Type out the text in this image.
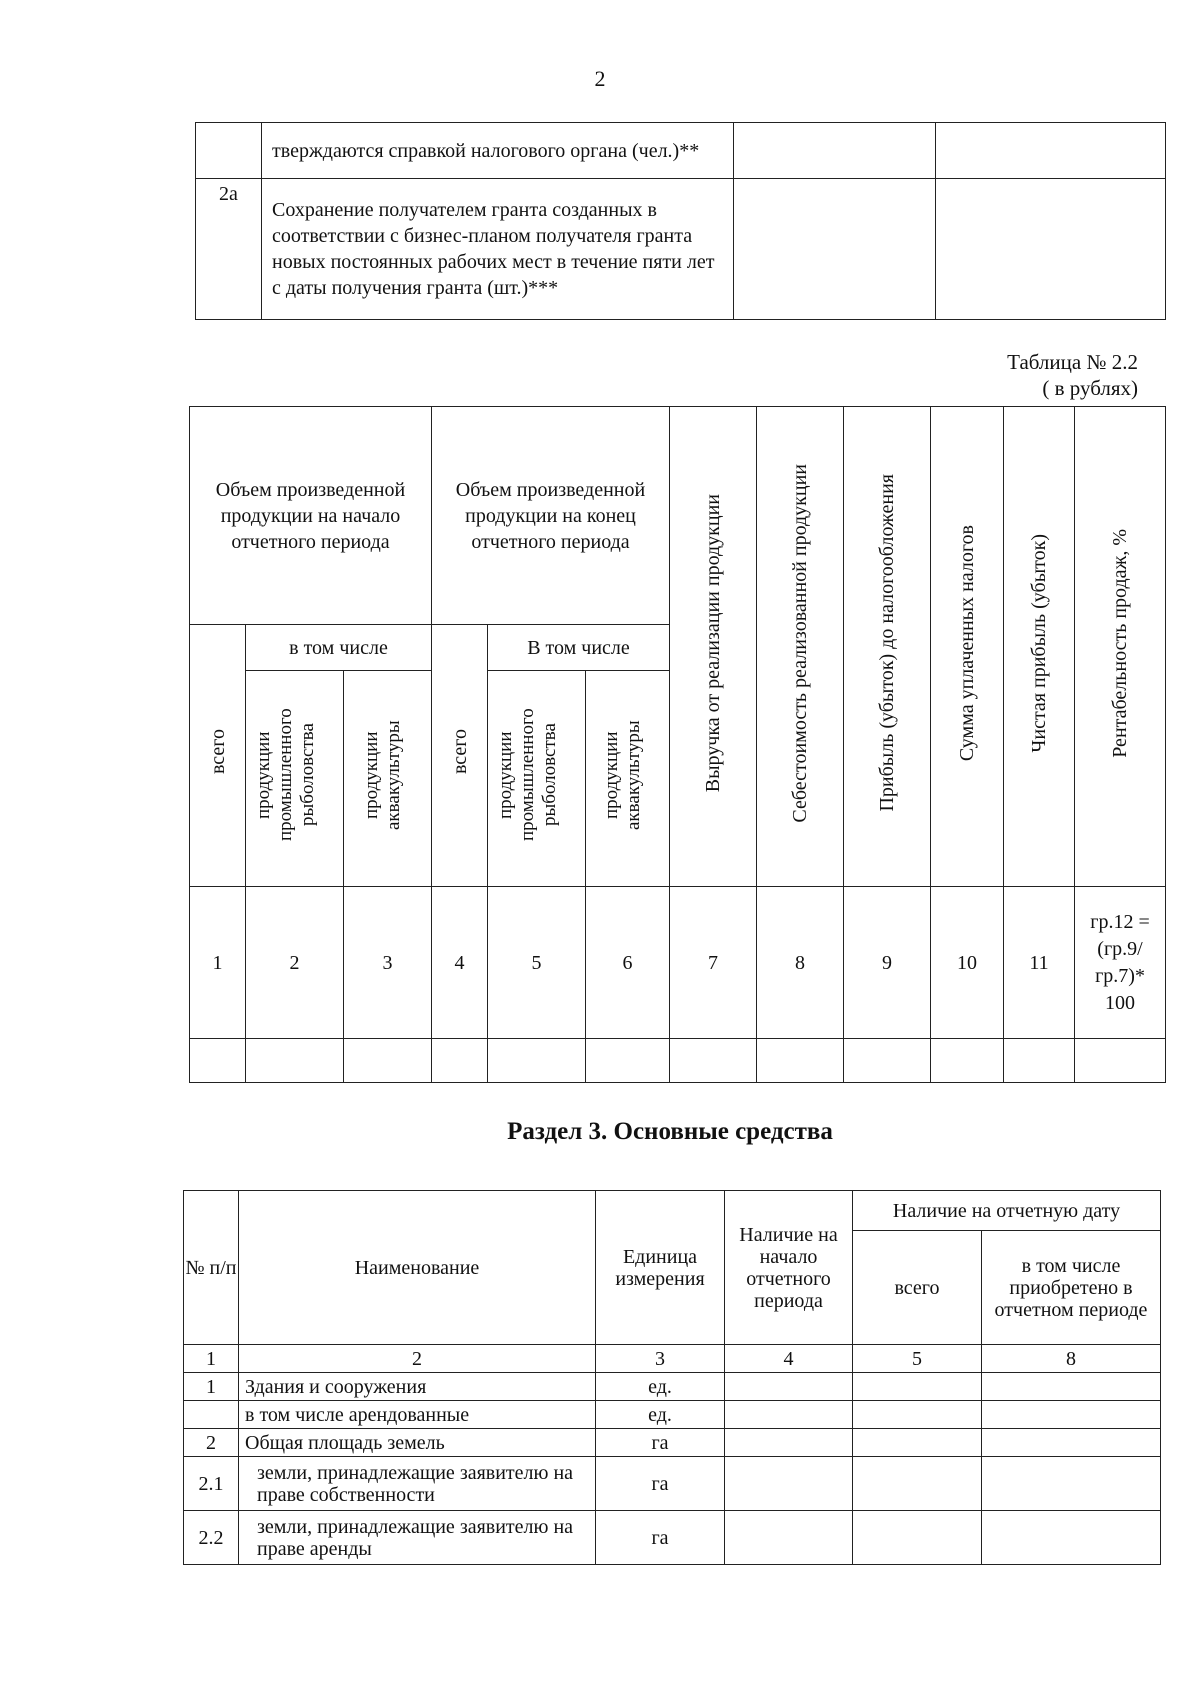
2
	тверждаются справкой налогового органа (чел.)**		
2а	Сохранение получателем гранта созданных в соответствии с бизнес-планом получателя гранта новых постоянных рабочих мест в течение пяти лет с даты получения гранта (шт.)***		
Таблица № 2.2
( в рублях)
Объем произведенной продукции на начало отчетного периода			Объем произведенной продукции на конец отчетного периода			Выручка от реализации продукции	Себестоимость реализованной продукции	Прибыль (убыток) до налогообложения	Сумма уплаченных налогов	Чистая прибыль (убыток)	Рентабельность продаж, %
всего	в том числе		всего	В том числе							
	продукции промышленного рыболовства	продукции аквакультуры		продукции промышленного рыболовства	продукции аквакультуры						
1	2	3	4	5	6	7	8	9	10	11	гр.12 = (гр.9/ гр.7)* 100

Раздел 3. Основные средства
№ п/п	Наименование	Единица измерения	Наличие на начало отчетного периода	Наличие на отчетную дату	
				всего	в том числе приобретено в отчетном периоде
1	2	3	4	5	8
1	Здания и сооружения	ед.			
	в том числе арендованные	ед.			
2	Общая площадь земель	га			
2.1	земли, принадлежащие заявителю на праве собственности	га			
2.2	земли, принадлежащие заявителю на праве аренды	га			
